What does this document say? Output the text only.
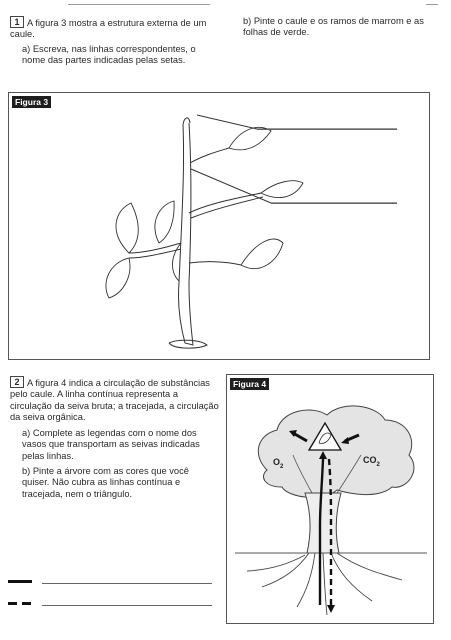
1 A figura 3 mostra a estrutura externa de um caule.
a) Escreva, nas linhas correspondentes, o nome das partes indicadas pelas setas.
b) Pinte o caule e os ramos de marrom e as folhas de verde.
Figura 3
2 A figura 4 indica a circulação de substâncias pelo caule. A linha contínua representa a circulação da seiva bruta; a tracejada, a circulação da seiva orgânica.
a) Complete as legendas com o nome dos vasos que transportam as seivas indicadas pelas linhas.
b) Pinte a árvore com as cores que você quiser. Não cubra as linhas contínua e tracejada, nem o triângulo.
Figura 4
$O_2$
$CO_2$
